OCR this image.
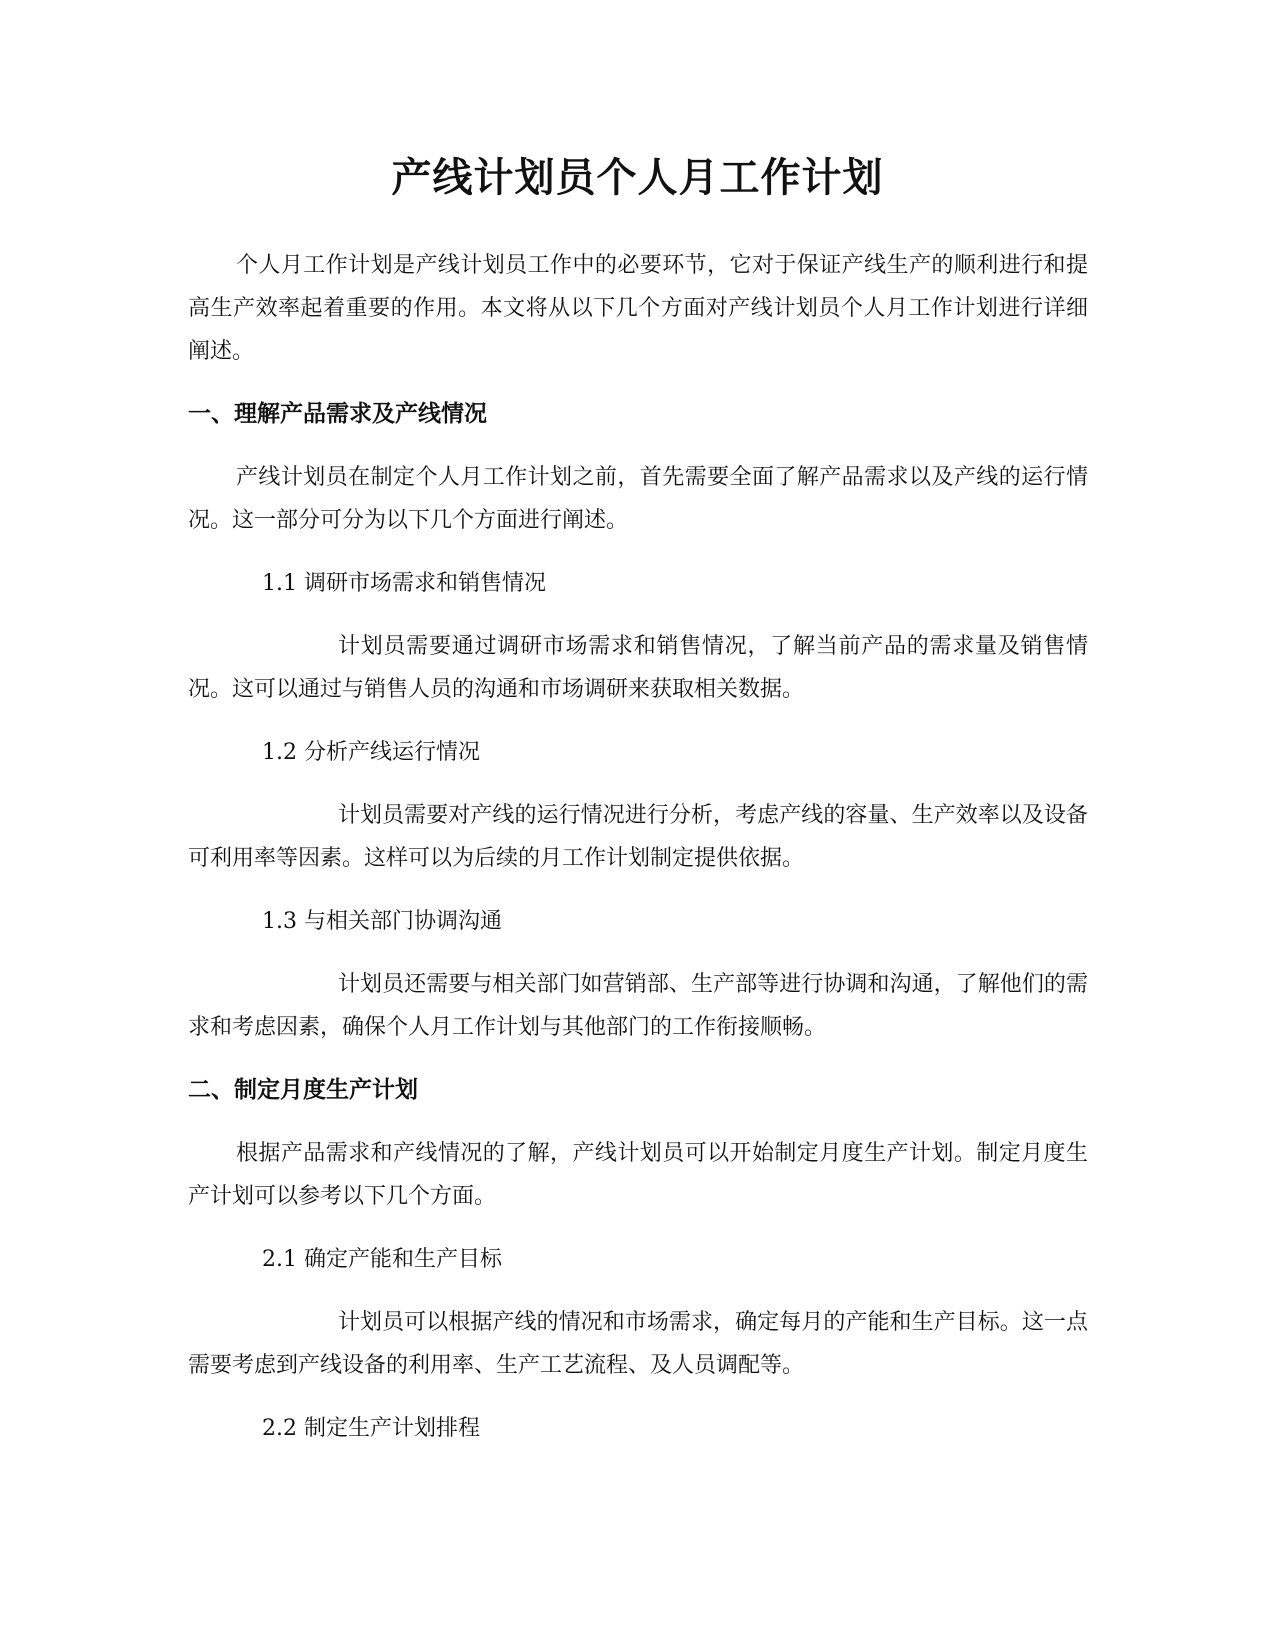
产线计划员个人月工作计划

个人月工作计划是产线计划员工作中的必要环节，它对于保证产线生产的顺利进行和提高生产效率起着重要的作用。本文将从以下几个方面对产线计划员个人月工作计划进行详细阐述。

一、理解产品需求及产线情况

产线计划员在制定个人月工作计划之前，首先需要全面了解产品需求以及产线的运行情况。这一部分可分为以下几个方面进行阐述。

1.1 调研市场需求和销售情况

计划员需要通过调研市场需求和销售情况，了解当前产品的需求量及销售情况。这可以通过与销售人员的沟通和市场调研来获取相关数据。

1.2 分析产线运行情况

计划员需要对产线的运行情况进行分析，考虑产线的容量、生产效率以及设备可利用率等因素。这样可以为后续的月工作计划制定提供依据。

1.3 与相关部门协调沟通

计划员还需要与相关部门如营销部、生产部等进行协调和沟通，了解他们的需求和考虑因素，确保个人月工作计划与其他部门的工作衔接顺畅。

二、制定月度生产计划

根据产品需求和产线情况的了解，产线计划员可以开始制定月度生产计划。制定月度生产计划可以参考以下几个方面。

2.1 确定产能和生产目标

计划员可以根据产线的情况和市场需求，确定每月的产能和生产目标。这一点需要考虑到产线设备的利用率、生产工艺流程、及人员调配等。

2.2 制定生产计划排程
